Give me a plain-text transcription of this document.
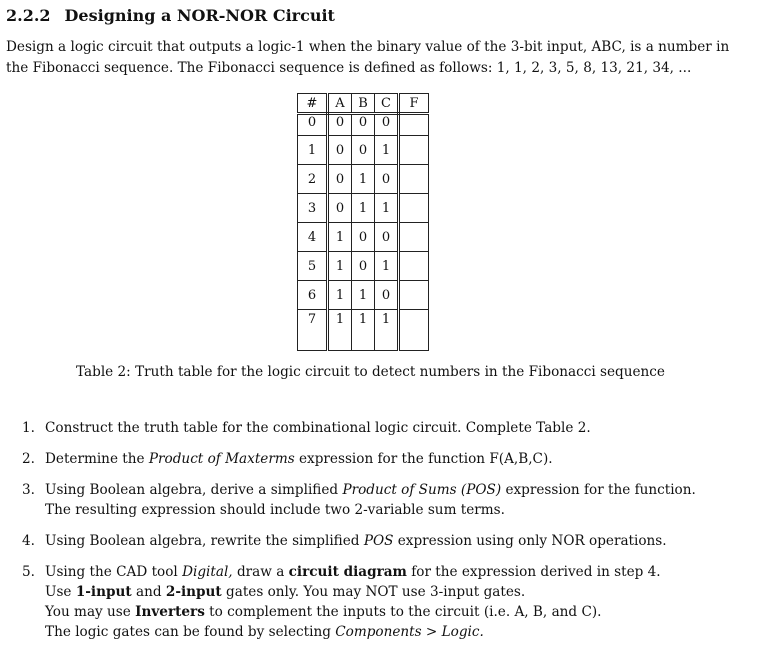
2.2.2 Designing a NOR-NOR Circuit

Design a logic circuit that outputs a logic-1 when the binary value of the 3-bit input, ABC, is a number in

the Fibonacci sequence. The Fibonacci sequence is defined as follows: 1, 1, 2, 3, 5, 8, 13, 21, 34, ...

#	A	B	C	F
0	0	0	0	
1	0	0	1	
2	0	1	0	
3	0	1	1	
4	1	0	0	
5	1	0	1	
6	1	1	0	
7	1	1	1	
Table 2: Truth table for the logic circuit to detect numbers in the Fibonacci sequence
1. Construct the truth table for the combinational logic circuit. Complete Table 2.
2. Determine the Product of Maxterms expression for the function F(A,B,C).
3. Using Boolean algebra, derive a simplified Product of Sums (POS) expression for the function.
The resulting expression should include two 2-variable sum terms.
4. Using Boolean algebra, rewrite the simplified POS expression using only NOR operations.
5. Using the CAD tool Digital, draw a circuit diagram for the expression derived in step 4.
Use 1-input and 2-input gates only. You may NOT use 3-input gates.
You may use Inverters to complement the inputs to the circuit (i.e. A, B, and C).
The logic gates can be found by selecting Components > Logic.
